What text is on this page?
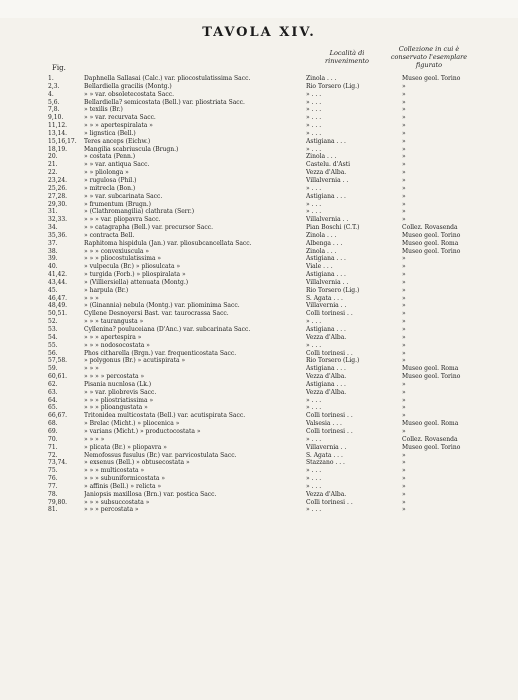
TAVOLA XIV.
Località di rinvenimento
Collezione in cui è conservato l'esemplare figurato
Fig.
1.	Daphnella Sallasai (Calc.) var. pliocostulatissima Sacc.	Zinola . . .	Museo geol. Torino
2,3.	Bellardiella gracilis (Montg.)	Rio Torsero (Lig.)	»
4.	» » var. obsoletecostata Sacc.	» . . .	»
5,6.	Bellardiella? semicostata (Bell.) var. pliostriata Sacc.	» . . .	»
7,8.	» texilis (Br.)	» . . .	»
9,10.	» » var. recurvata Sacc.	» . . .	»
11,12.	» » » apertespiralata »	» . . .	»
13,14.	» lignstica (Bell.)	» . . .	»
15,16,17.	Teres anceps (Eichw.)	Astigiana . . .	»
18,19.	Mangilia scabriuscula (Brugn.)	» . . .	»
20.	» costata (Penn.)	Zinola . . .	»
21.	» » var. antiqua Sacc.	Castelu. d'Asti	»
22.	» » pliolonga »	Vezza d'Alba.	»
23,24.	» rugulosa (Phil.)	Villalvernia . .	»
25,26.	» mitrecla (Bon.)	» . . .	»
27,28.	» » var. subcarinata Sacc.	Astigiana . . .	»
29,30.	» frumentum (Brugn.)	» . . .	»
31.	» (Clathromangilia) clathrata (Serr.)	» . . .	»
32,33.	» » » var. pliopavra Sacc.	Villalvernia . .	»
34.	» » catagrapha (Bell.) var. precursor Sacc.	Pian Boschi (C.T.)	Collez. Rovasenda
35,36.	» contracta Bell.	Zinola . . .	Museo geol. Torino
37.	Raphitoma hispidula (Jan.) var. pliosubcancellata Sacc.	Albenga . . .	Museo geol. Roma
38.	» » » convexiuscula »	Zinola . . .	Museo geol. Torino
39.	» » » pliocostulatissima »	Astigiana . . .	»
40.	» vulpecula (Br.) » pliosulcata »	Viale . . .	»
41,42.	» turgida (Forb.) » pliospiralata »	Astigiana . . .	»
43,44.	» (Villiersiella) attenuata (Montg.)	Villalvernia . .	»
45.	» harpula (Br.)	Rio Torsero (Lig.)	»
46,47.	» » »	S. Agata . . .	»
48,49.	» (Ginannia) nebula (Montg.) var. pliominima Sacc.	Villavernia . .	»
50,51.	Cyllene Desnoyersi Bast. var. taurocrassa Sacc.	Colli torinesi . .	»
52.	» » » taurangusta »	» . . .	»
53.	Cyllenina? pouluceiana (D'Anc.) var. subcarinata Sacc.	Astigiana . . .	»
54.	» » » apertespira »	Vezza d'Alba.	»
55.	» » » nodosocostata »	» . . .	»
56.	Phos citharella (Brgn.) var. frequenticostata Sacc.	Colli torinesi . .	»
57,58.	» polygonus (Br.) » acutispirata »	Rio Torsero (Lig.)	»
59.	» » »	Astigiana . . .	Museo geol. Roma
60,61.	» » » » percostata »	Vezza d'Alba.	Museo geol. Torino
62.	Pisania nucnlosa (Lk.)	Astigiana . . .	»
63.	» » var. pliobrevis Sacc.	Vezza d'Alba.	»
64.	» » » pliostriatissima »	» . . .	»
65.	» » » plioangustata »	» . . .	»
66,67.	Tritonidea multicostata (Bell.) var. acutispirata Sacc.	Colli torinesi . .	»
68.	» Brelac (Micht.) » pliocenica »	Valsesia . . .	Museo geol. Roma
69.	» varians (Micht.) » productocostata »	Colli torinesi . .	»
70.	» » » »	» . . .	Collez. Rovasenda
71.	» plicata (Br.) » pliopavra »	Villavernia . .	Museo geol. Torino
72.	Nemofossus fusulus (Br.) var. parvicostulata Sacc.	S. Agata . . .	»
73,74.	» exsenus (Bell.) » obtusecostata »	Stazzano . . .	»
75.	» » » multicostata »	» . . .	»
76.	» » » subuniformicostata »	» . . .	»
77.	» affinis (Bell.) » relicta »	» . . .	»
78.	Janiopsis maxillosa (Brn.) var. postica Sacc.	Vezza d'Alba.	»
79,80.	» » » subsuccostata »	Colli torinesi . .	»
81.	» » » percostata »	» . . .	»
